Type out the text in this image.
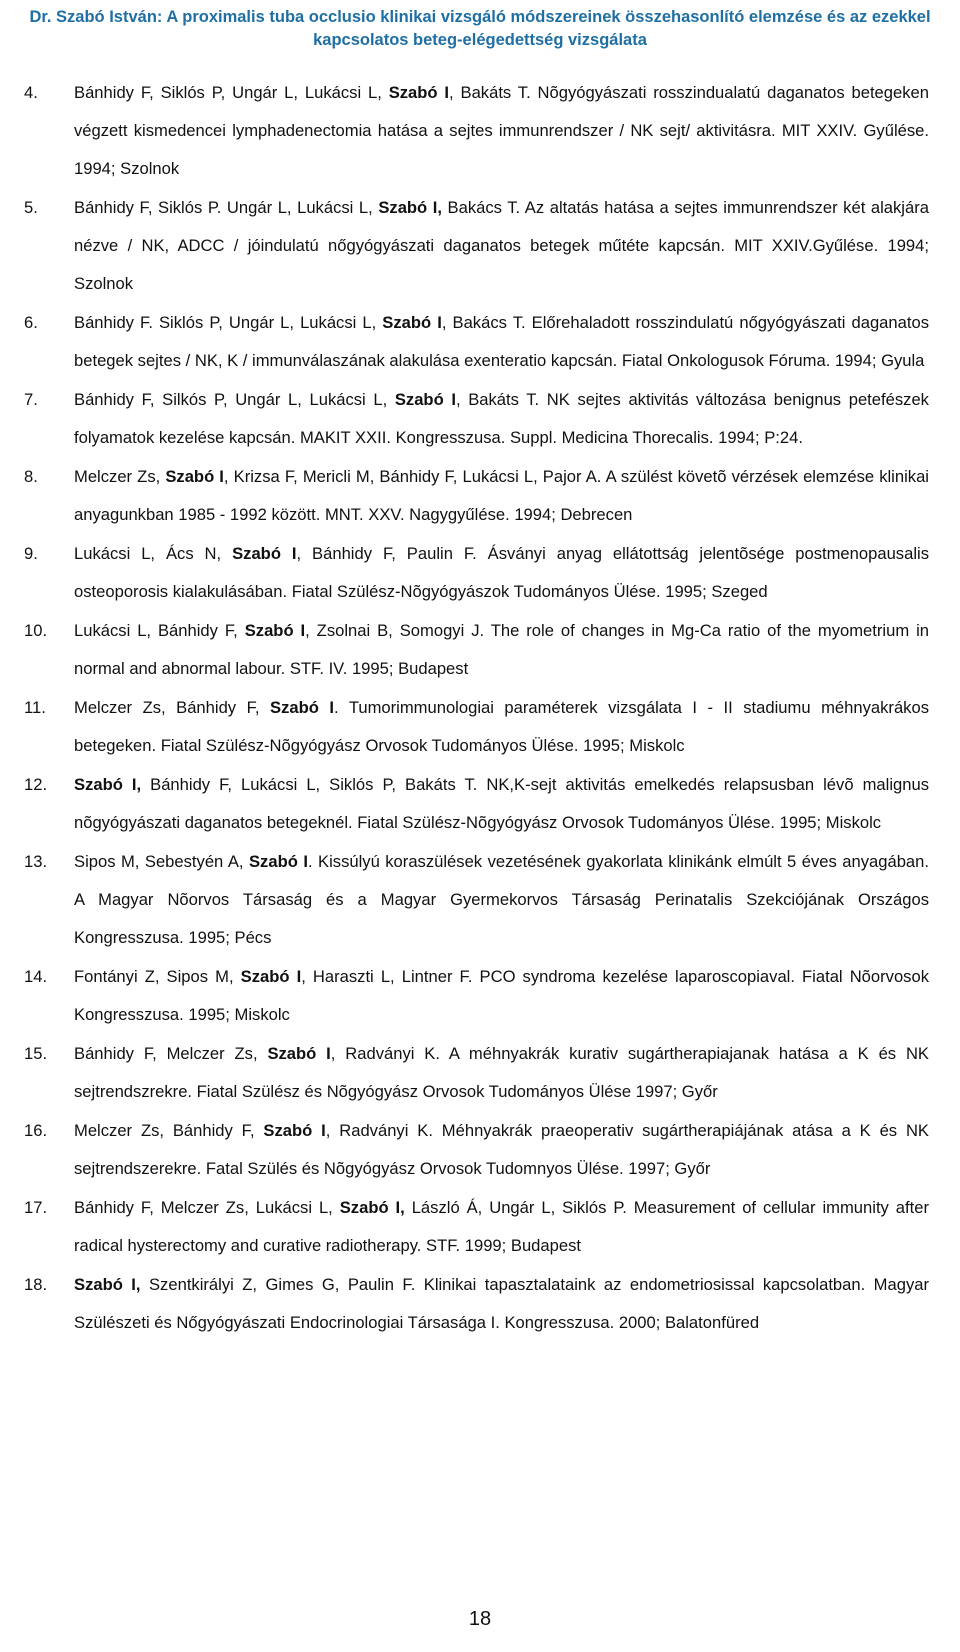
Dr. Szabó István: A proximalis tuba occlusio klinikai vizsgáló módszereinek összehasonlító elemzése és az ezekkel
kapcsolatos beteg-elégedettség vizsgálata
4. Bánhidy F, Siklós P, Ungár L, Lukácsi L, Szabó I, Bakáts T. Nõgyógyászati rosszindualatú daganatos betegeken végzett kismedencei lymphadenectomia hatása a sejtes immunrendszer / NK sejt/ aktivitásra. MIT XXIV. Gyűlése. 1994; Szolnok
5. Bánhidy F, Siklós P. Ungár L, Lukácsi L, Szabó I, Bakács T. Az altatás hatása a sejtes immunrendszer két alakjára nézve / NK, ADCC / jóindulatú nőgyógyászati daganatos betegek műtéte kapcsán. MIT XXIV.Gyűlése. 1994; Szolnok
6. Bánhidy F. Siklós P, Ungár L, Lukácsi L, Szabó I, Bakács T. Előrehaladott rosszindulatú nőgyógyászati daganatos betegek sejtes / NK, K / immunválaszának alakulása exenteratio kapcsán. Fiatal Onkologusok Fóruma. 1994; Gyula
7. Bánhidy F, Silkós P, Ungár L, Lukácsi L, Szabó I, Bakáts T. NK sejtes aktivitás változása benignus petefészek folyamatok kezelése kapcsán. MAKIT XXII. Kongresszusa. Suppl. Medicina Thorecalis. 1994; P:24.
8. Melczer Zs, Szabó I, Krizsa F, Mericli M, Bánhidy F, Lukácsi L, Pajor A. A szülést követõ vérzések elemzése klinikai anyagunkban 1985 - 1992 között. MNT. XXV. Nagygyűlése. 1994; Debrecen
9. Lukácsi L, Ács N, Szabó I, Bánhidy F, Paulin F. Ásványi anyag ellátottság jelentõsége postmenopausalis osteoporosis kialakulásában. Fiatal Szülész-Nõgyógyászok Tudományos Ülése. 1995; Szeged
10. Lukácsi L, Bánhidy F, Szabó I, Zsolnai B, Somogyi J. The role of changes in Mg-Ca ratio of the myometrium in normal and abnormal labour. STF. IV. 1995; Budapest
11. Melczer Zs, Bánhidy F, Szabó I. Tumorimmunologiai paraméterek vizsgálata I - II stadiumu méhnyakrákos betegeken. Fiatal Szülész-Nõgyógyász Orvosok Tudományos Ülése. 1995; Miskolc
12. Szabó I, Bánhidy F, Lukácsi L, Siklós P, Bakáts T. NK,K-sejt aktivitás emelkedés relapsusban lévõ malignus nõgyógyászati daganatos betegeknél. Fiatal Szülész-Nõgyógyász Orvosok Tudományos Ülése. 1995; Miskolc
13. Sipos M, Sebestyén A, Szabó I. Kissúlyú koraszülések vezetésének gyakorlata klinikánk elmúlt 5 éves anyagában. A Magyar Nõorvos Társaság és a Magyar Gyermekorvos Társaság Perinatalis Szekciójának Országos Kongresszusa. 1995; Pécs
14. Fontányi Z, Sipos M, Szabó I, Haraszti L, Lintner F. PCO syndroma kezelése laparoscopiaval. Fiatal Nõorvosok Kongresszusa. 1995; Miskolc
15. Bánhidy F, Melczer Zs, Szabó I, Radványi K. A méhnyakrák kurativ sugártherapiajanak hatása a K és NK sejtrendszrekre. Fiatal Szülész és Nõgyógyász Orvosok Tudományos Ülése 1997; Győr
16. Melczer Zs, Bánhidy F, Szabó I, Radványi K. Méhnyakrák praeoperativ sugártherapiájának atása a K és NK sejtrendszerekre. Fatal Szülés és Nõgyógyász Orvosok Tudomnyos Ülése. 1997; Győr
17. Bánhidy F, Melczer Zs, Lukácsi L, Szabó I, László Á, Ungár L, Siklós P. Measurement of cellular immunity after radical hysterectomy and curative radiotherapy. STF. 1999; Budapest
18. Szabó I, Szentkirályi Z, Gimes G, Paulin F. Klinikai tapasztalataink az endometriosissal kapcsolatban. Magyar Szülészeti és Nőgyógyászati Endocrinologiai Társasága I. Kongresszusa. 2000; Balatonfüred
18
